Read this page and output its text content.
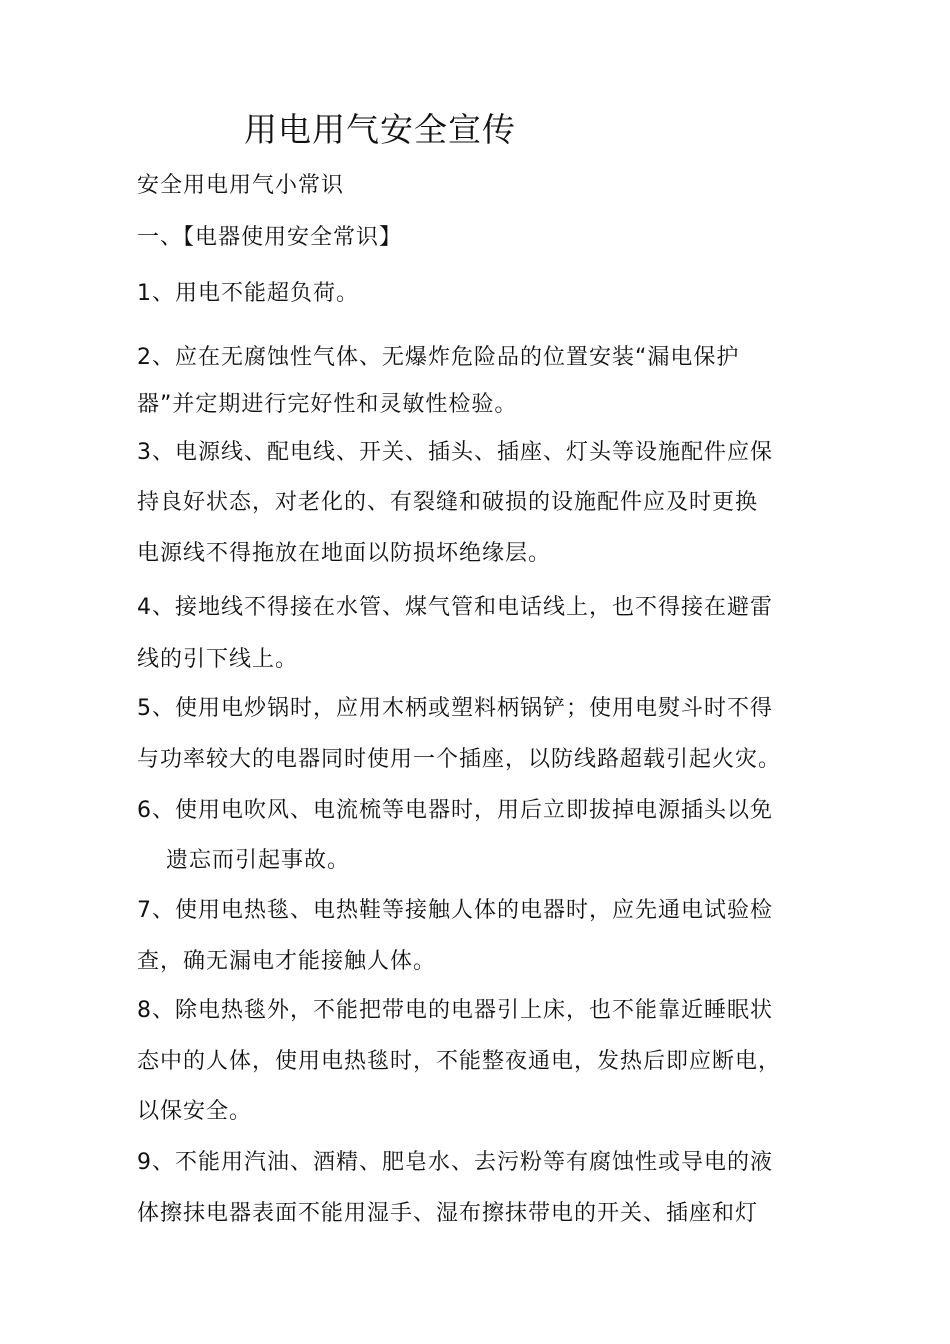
用电用气安全宣传
安全用电用气小常识
一、【电器使用安全常识】
1、用电不能超负荷。
2、应在无腐蚀性气体、无爆炸危险品的位置安装“漏电保护
器”并定期进行完好性和灵敏性检验。
3、电源线、配电线、开关、插头、插座、灯头等设施配件应保
持良好状态，对老化的、有裂缝和破损的设施配件应及时更换
电源线不得拖放在地面以防损坏绝缘层。
4、接地线不得接在水管、煤气管和电话线上，也不得接在避雷
线的引下线上。
5、使用电炒锅时，应用木柄或塑料柄锅铲；使用电熨斗时不得
与功率较大的电器同时使用一个插座，以防线路超载引起火灾。
6、使用电吹风、电流梳等电器时，用后立即拔掉电源插头以免
遗忘而引起事故。
7、使用电热毯、电热鞋等接触人体的电器时，应先通电试验检
查，确无漏电才能接触人体。
8、除电热毯外，不能把带电的电器引上床，也不能靠近睡眠状
态中的人体，使用电热毯时，不能整夜通电，发热后即应断电，
以保安全。
9、不能用汽油、酒精、肥皂水、去污粉等有腐蚀性或导电的液
体擦抹电器表面不能用湿手、湿布擦抹带电的开关、插座和灯
